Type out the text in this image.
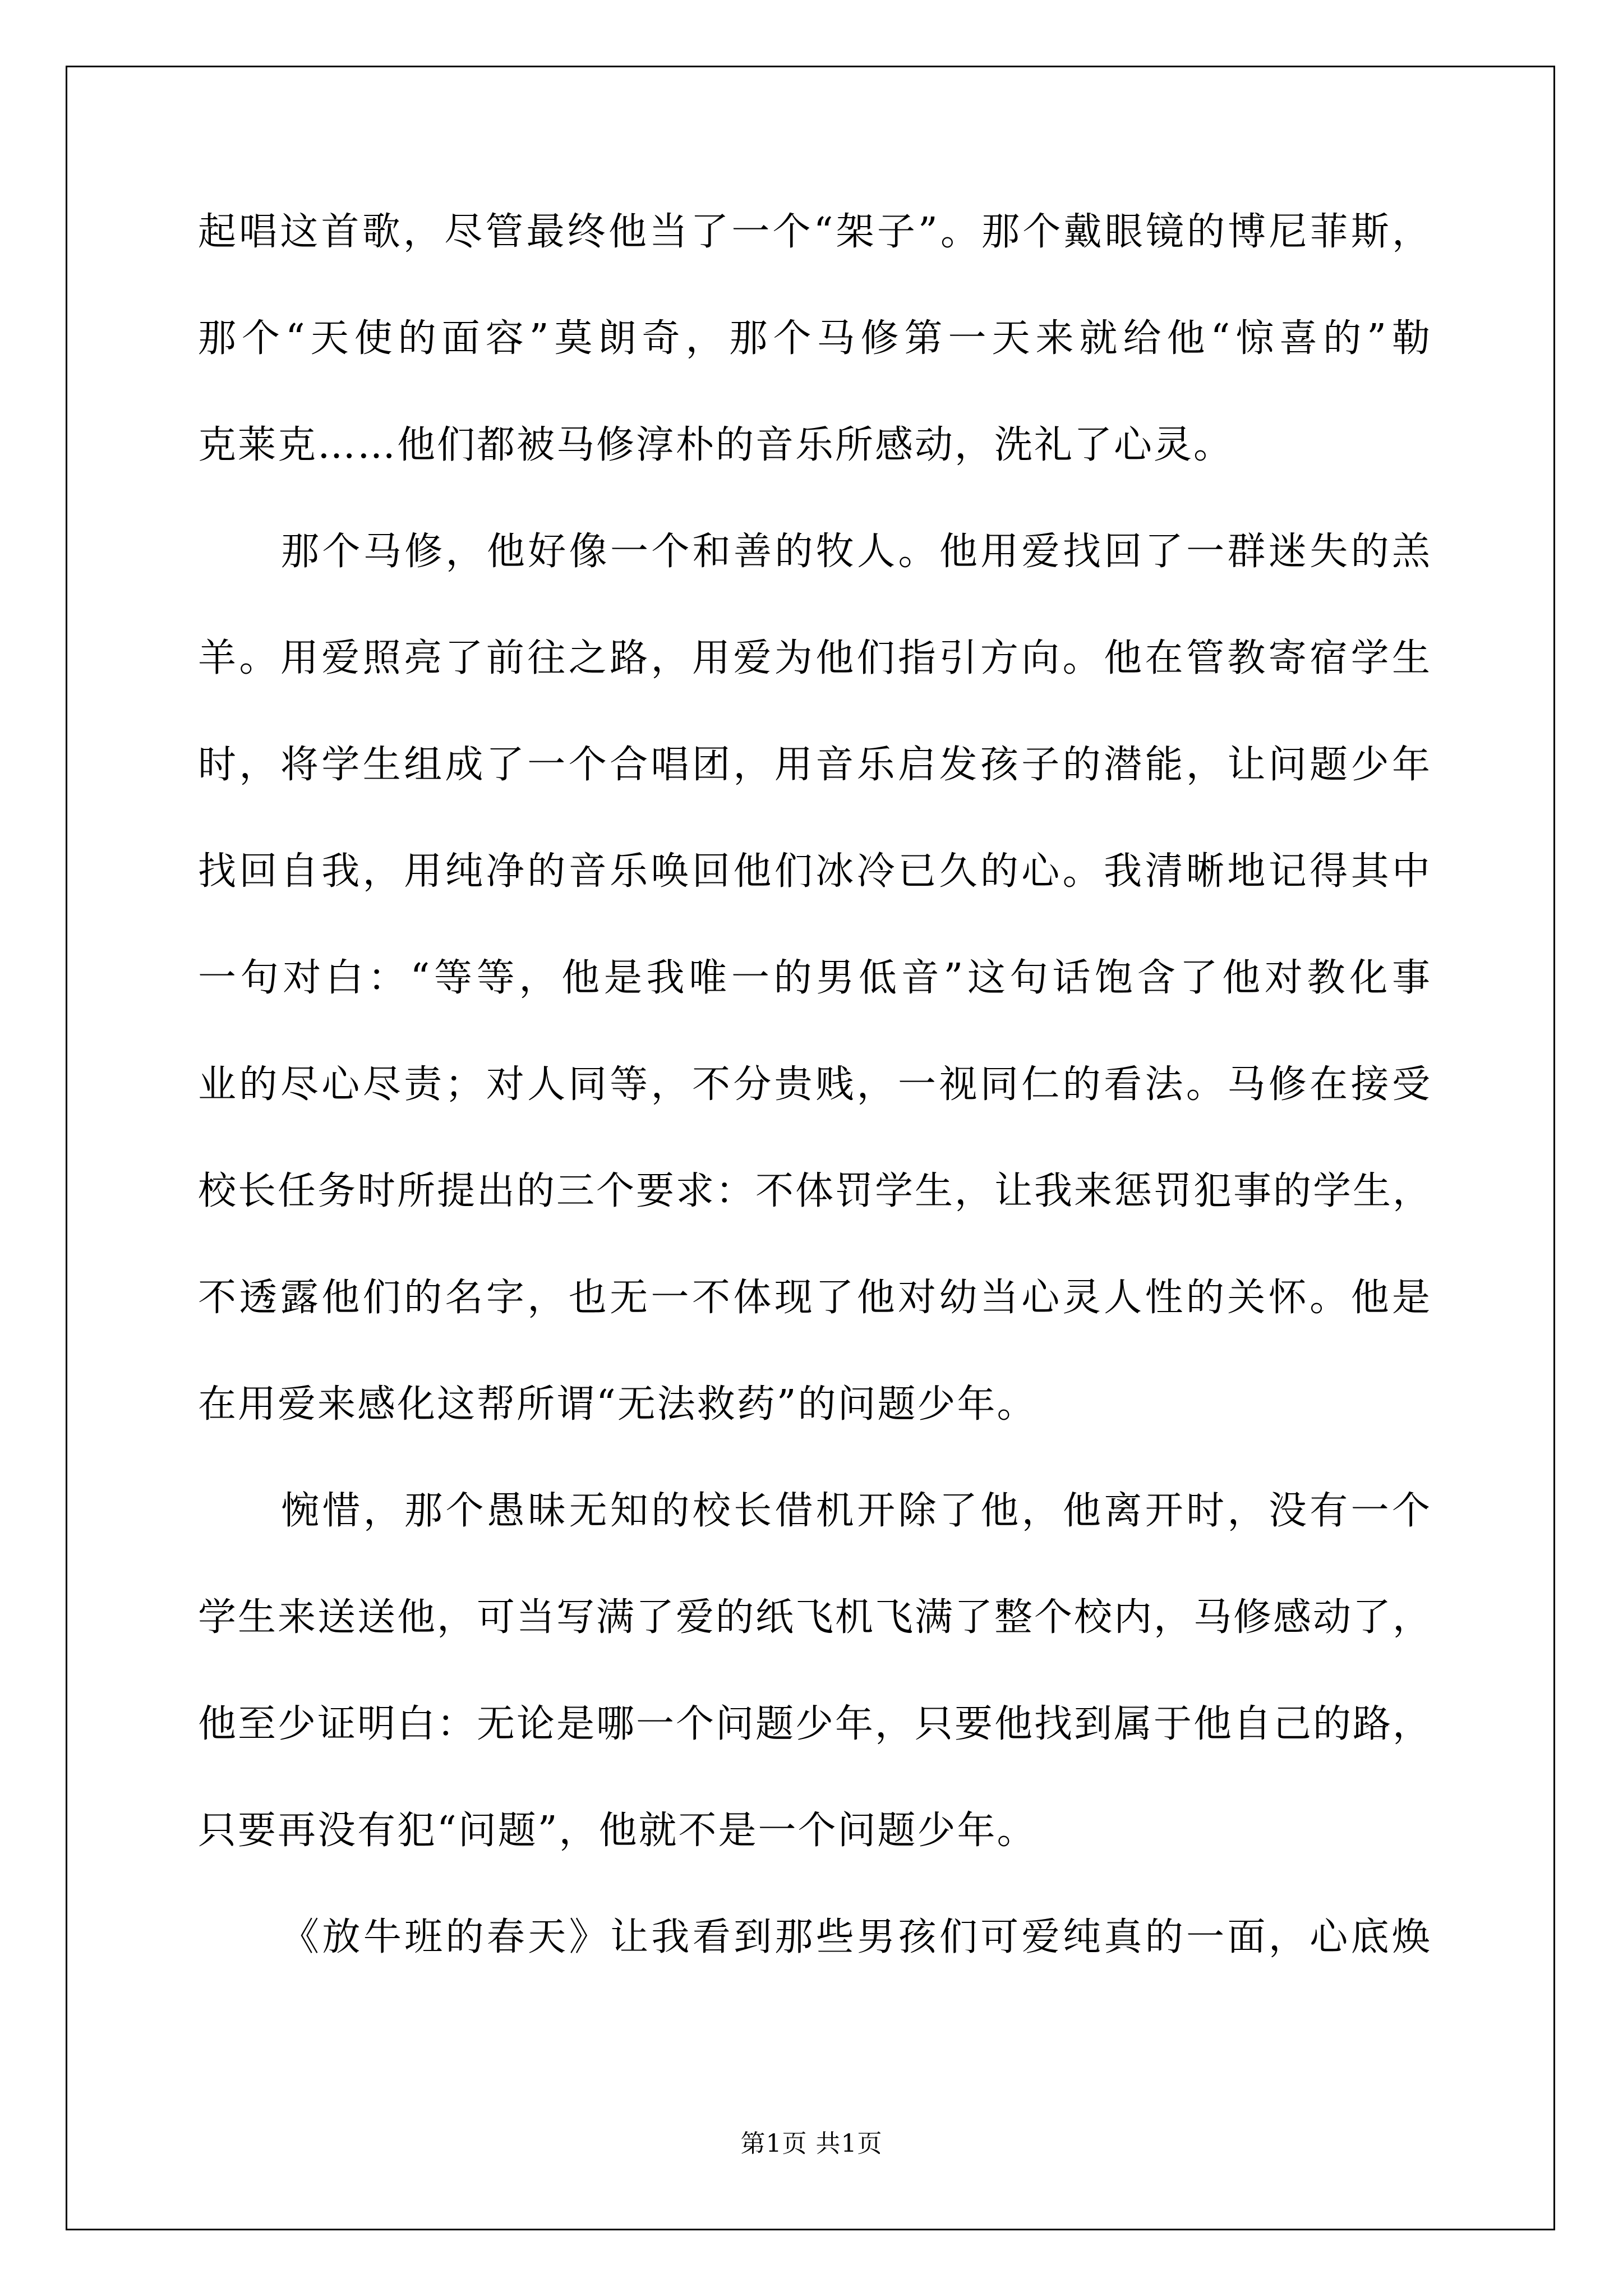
起唱这首歌，尽管最终他当了一个“架子”。那个戴眼镜的博尼菲斯，
那个“天使的面容”莫朗奇，那个马修第一天来就给他“惊喜的”勒
克莱克……他们都被马修淳朴的音乐所感动，洗礼了心灵。
那个马修，他好像一个和善的牧人。他用爱找回了一群迷失的羔
羊。用爱照亮了前往之路，用爱为他们指引方向。他在管教寄宿学生
时，将学生组成了一个合唱团，用音乐启发孩子的潜能，让问题少年
找回自我，用纯净的音乐唤回他们冰冷已久的心。我清晰地记得其中
一句对白：“等等，他是我唯一的男低音”这句话饱含了他对教化事
业的尽心尽责；对人同等，不分贵贱，一视同仁的看法。马修在接受
校长任务时所提出的三个要求：不体罚学生，让我来惩罚犯事的学生，
不透露他们的名字，也无一不体现了他对幼当心灵人性的关怀。他是
在用爱来感化这帮所谓“无法救药”的问题少年。
惋惜，那个愚昧无知的校长借机开除了他，他离开时，没有一个
学生来送送他，可当写满了爱的纸飞机飞满了整个校内，马修感动了，
他至少证明白：无论是哪一个问题少年，只要他找到属于他自己的路，
只要再没有犯“问题”，他就不是一个问题少年。
《放牛班的春天》让我看到那些男孩们可爱纯真的一面，心底焕
第1页 共1页
